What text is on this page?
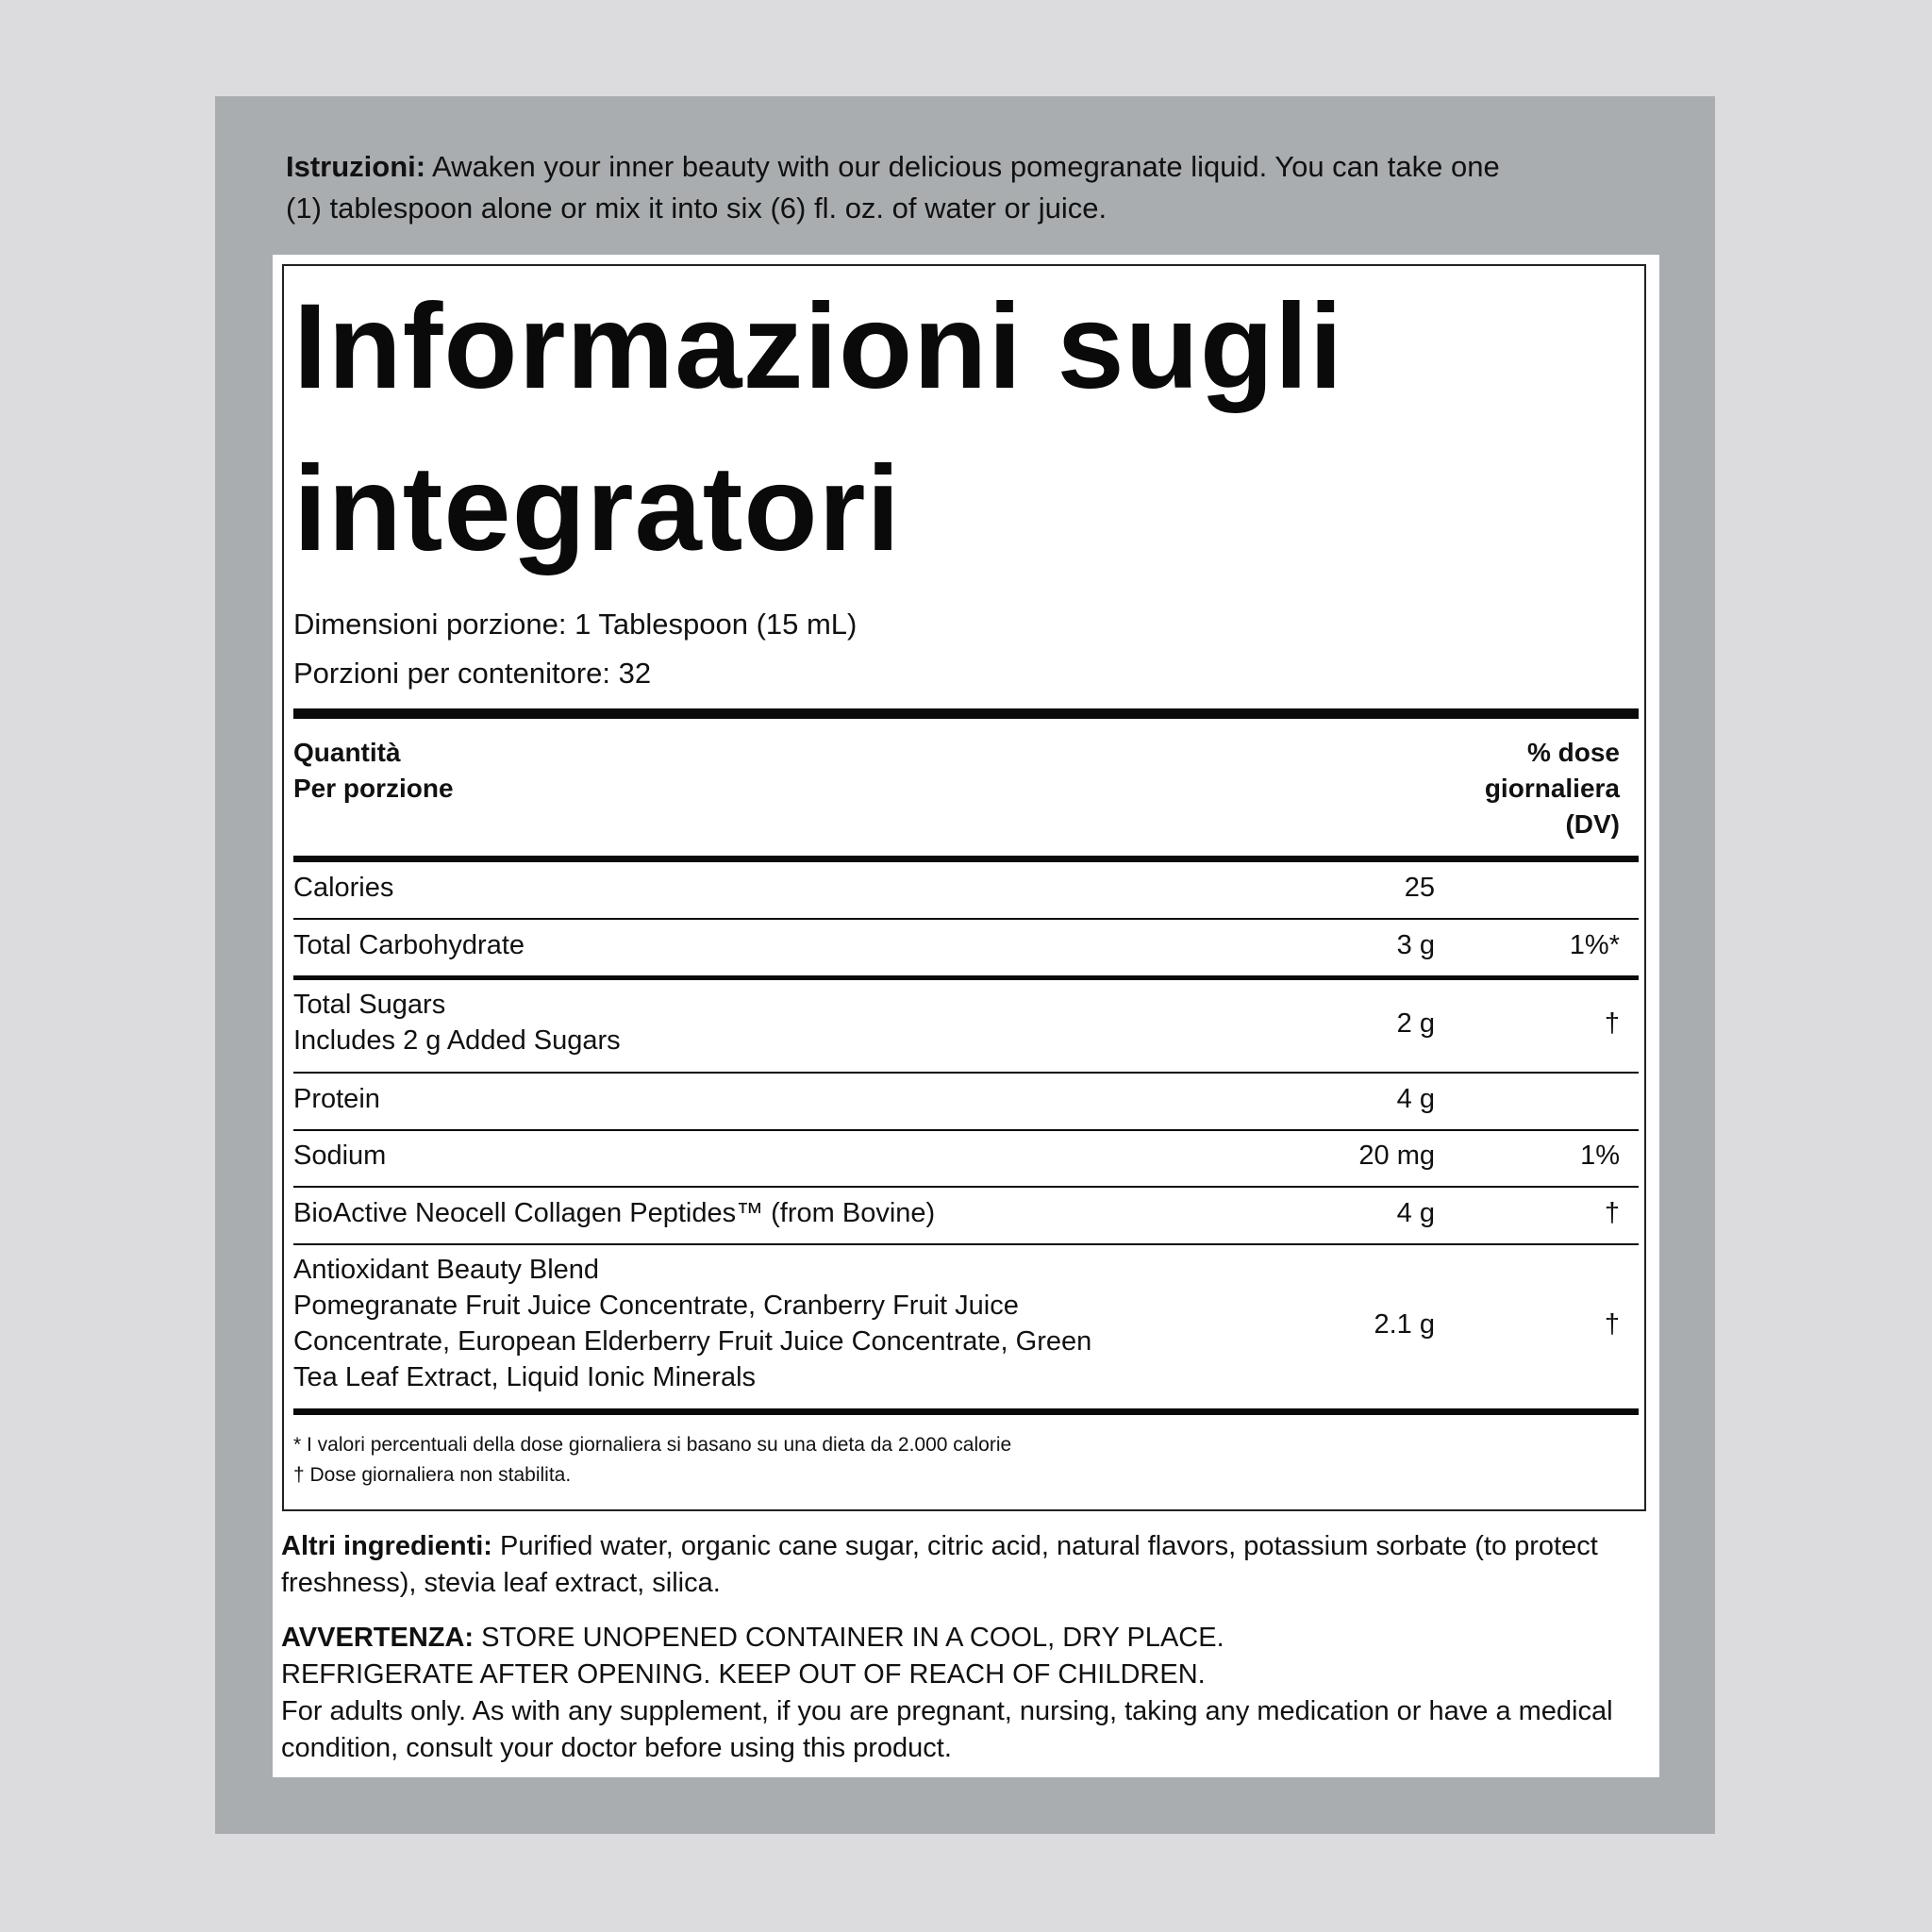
Istruzioni: Awaken your inner beauty with our delicious pomegranate liquid. You can take one (1) tablespoon alone or mix it into six (6) fl. oz. of water or juice.
Informazioni sugli
integratori
Dimensioni porzione: 1 Tablespoon (15 mL)
Porzioni per contenitore: 32
Quantità
Per porzione
% dose
giornaliera
(DV)
Calories	25
Total Carbohydrate	3 g	1%*
Total Sugars
Includes 2 g Added Sugars
2 g	†
Protein	4 g
Sodium	20 mg	1%
BioActive Neocell Collagen Peptides™ (from Bovine)	4 g	†
Antioxidant Beauty Blend
Pomegranate Fruit Juice Concentrate, Cranberry Fruit Juice Concentrate, European Elderberry Fruit Juice Concentrate, Green Tea Leaf Extract, Liquid Ionic Minerals
2.1 g	†
* I valori percentuali della dose giornaliera si basano su una dieta da 2.000 calorie
† Dose giornaliera non stabilita.
Altri ingredienti: Purified water, organic cane sugar, citric acid, natural flavors, potassium sorbate (to protect freshness), stevia leaf extract, silica.
AVVERTENZA: STORE UNOPENED CONTAINER IN A COOL, DRY PLACE.
REFRIGERATE AFTER OPENING. KEEP OUT OF REACH OF CHILDREN.
For adults only. As with any supplement, if you are pregnant, nursing, taking any medication or have a medical condition, consult your doctor before using this product.
